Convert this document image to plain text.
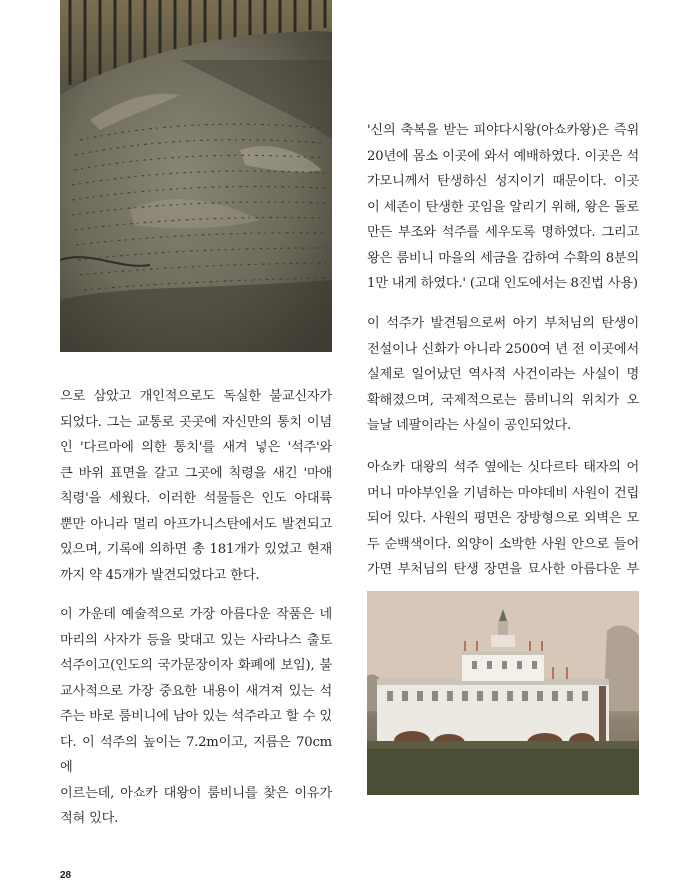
으로 삼았고 개인적으로도 독실한 불교신자가
되었다. 그는 교통로 곳곳에 자신만의 통치 이념
인 '다르마에 의한 통치'를 새겨 넣은 '석주'와
큰 바위 표면을 갈고 그곳에 칙령을 새긴 '마애
칙령'을 세웠다. 이러한 석물들은 인도 아대륙
뿐만 아니라 멀리 아프가니스탄에서도 발견되고
있으며, 기록에 의하면 총 181개가 있었고 현재

까지 약 45개가 발견되었다고 한다.

이 가운데 예술적으로 가장 아름다운 작품은 네
마리의 사자가 등을 맞대고 있는 사라나스 출토
석주이고(인도의 국가문장이자 화폐에 보임), 불
교사적으로 가장 중요한 내용이 새겨져 있는 석
주는 바로 룸비니에 남아 있는 석주라고 할 수 있
다. 이 석주의 높이는 7.2m이고, 지름은 70cm에
이르는데, 아쇼카 대왕이 룸비니를 찾은 이유가

적혀 있다.

'신의 축복을 받는 피야다시왕(아쇼카왕)은 즉위
20년에 몸소 이곳에 와서 예배하였다. 이곳은 석
가모니께서 탄생하신 성지이기 때문이다. 이곳
이 세존이 탄생한 곳임을 알리기 위해, 왕은 돌로
만든 부조와 석주를 세우도록 명하였다. 그리고
왕은 룸비니 마을의 세금을 감하여 수확의 8분의

1만 내게 하였다.' (고대 인도에서는 8진법 사용)

이 석주가 발견됨으로써 아기 부처님의 탄생이
전설이나 신화가 아니라 2500여 년 전 이곳에서
실제로 일어났던 역사적 사건이라는 사실이 명
확해졌으며, 국제적으로는 룸비니의 위치가 오

늘날 네팔이라는 사실이 공인되었다.

아쇼카 대왕의 석주 옆에는 싯다르타 태자의 어
머니 마야부인을 기념하는 마야데비 사원이 건립
되어 있다. 사원의 평면은 장방형으로 외벽은 모
두 순백색이다. 외양이 소박한 사원 안으로 들어
가면 부처님의 탄생 장면을 묘사한 아름다운 부

28
